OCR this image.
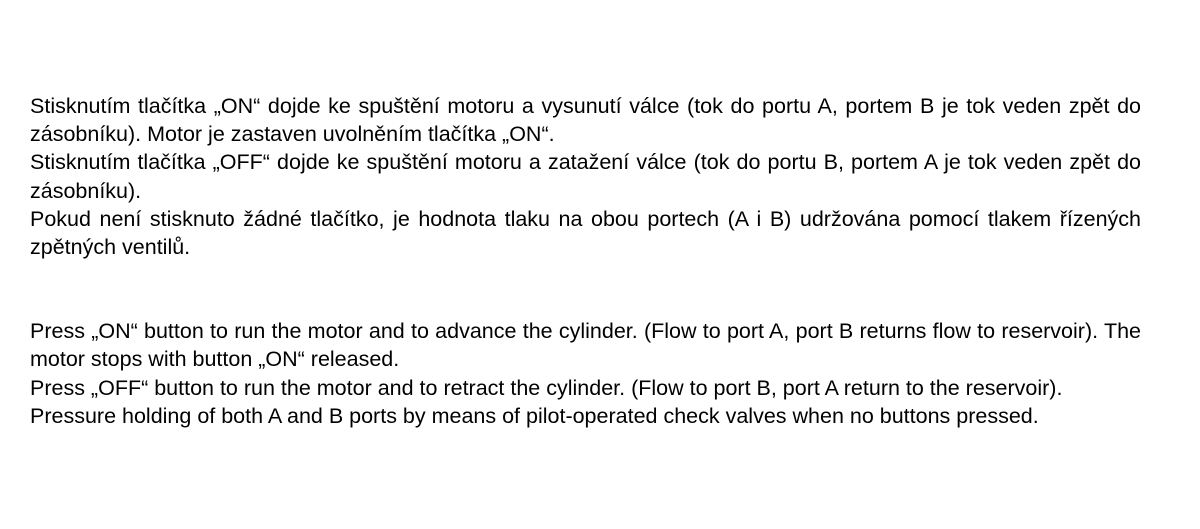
Stisknutím tlačítka „ON“ dojde ke spuštění motoru a vysunutí válce (tok do portu A, portem B je tok veden zpět do zásobníku). Motor je zastaven uvolněním tlačítka „ON“.

Stisknutím tlačítka „OFF“ dojde ke spuštění motoru a zatažení válce (tok do portu B, portem A je tok veden zpět do zásobníku).

Pokud není stisknuto žádné tlačítko, je hodnota tlaku na obou portech (A i B) udržována pomocí tlakem řízených zpětných ventilů.

Press „ON“ button to run the motor and to advance the cylinder. (Flow to port A, port B returns flow to reservoir). The motor stops with button „ON“ released.

Press „OFF“ button to run the motor and to retract the cylinder. (Flow to port B, port A return to the reservoir).

Pressure holding of both A and B ports by means of pilot-operated check valves when no buttons pressed.
